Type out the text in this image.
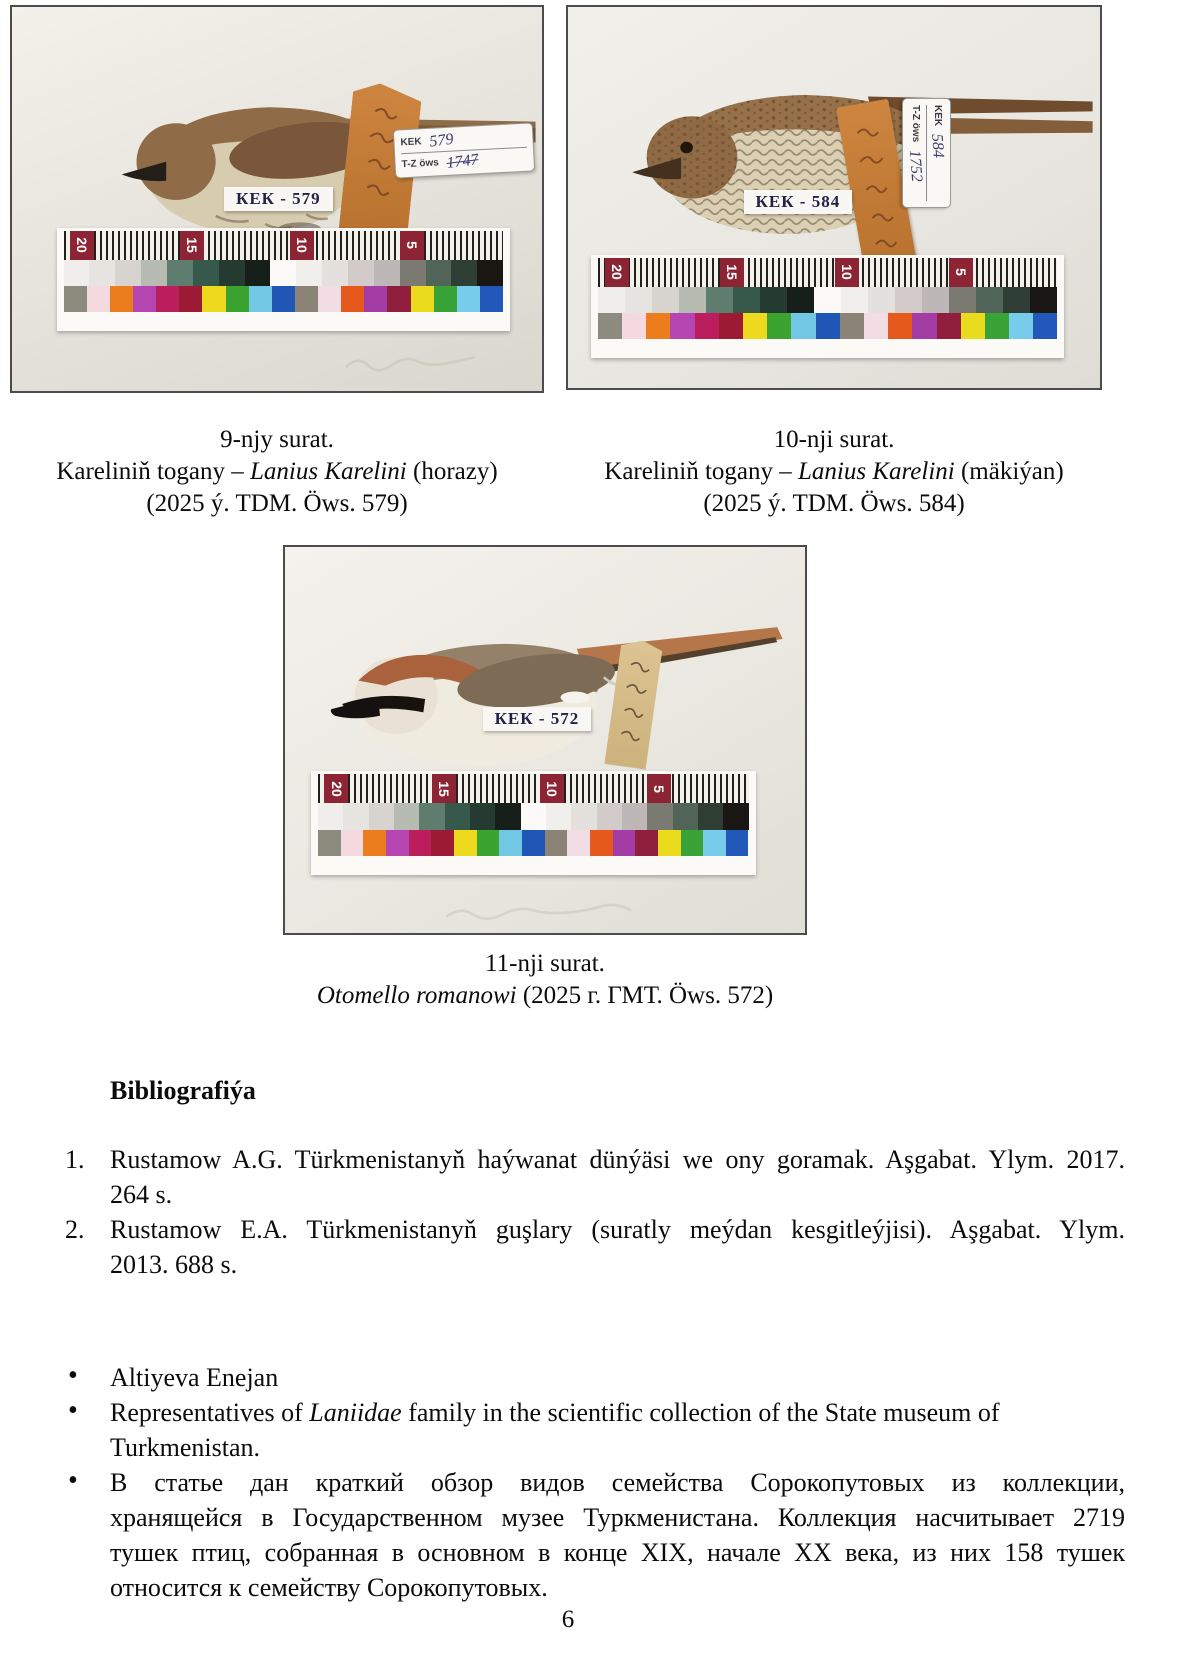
KEK 579
T-Z öws 1747
КЕК - 579
20	15	10	5
KEK
584
T-Z öws
1752
КЕК - 584
20	15	10	5
КЕК - 572
20	15	10	5
9-njy surat.
Kareliniň togany – Lanius Karelini (horazy)
(2025 ý. TDM. Öws. 579)
10-nji surat.
Kareliniň togany – Lanius Karelini (mäkiýan)
(2025 ý. TDM. Öws. 584)
11-nji surat.
Otomello romanowi (2025 г. ГМТ. Öws. 572)
Bibliografiýa
1. Rustamow A.G. Türkmenistanyň haýwanat dünýäsi we ony goramak. Aşgabat. Ylym. 2017.
264 s.
2. Rustamow E.A. Türkmenistanyň guşlary (suratly meýdan kesgitleýjisi). Aşgabat. Ylym.
2013. 688 s.
• Altiyeva Enejan
• Representatives of Laniidae family in the scientific collection of the State museum of
Turkmenistan.
• В статье дан краткий обзор видов семейства Сорокопутовых из коллекции,
хранящейся в Государственном музее Туркменистана. Коллекция насчитывает 2719
тушек птиц, собранная в основном в конце XIX, начале XX века, из них 158 тушек
относится к семейству Сорокопутовых.
6
